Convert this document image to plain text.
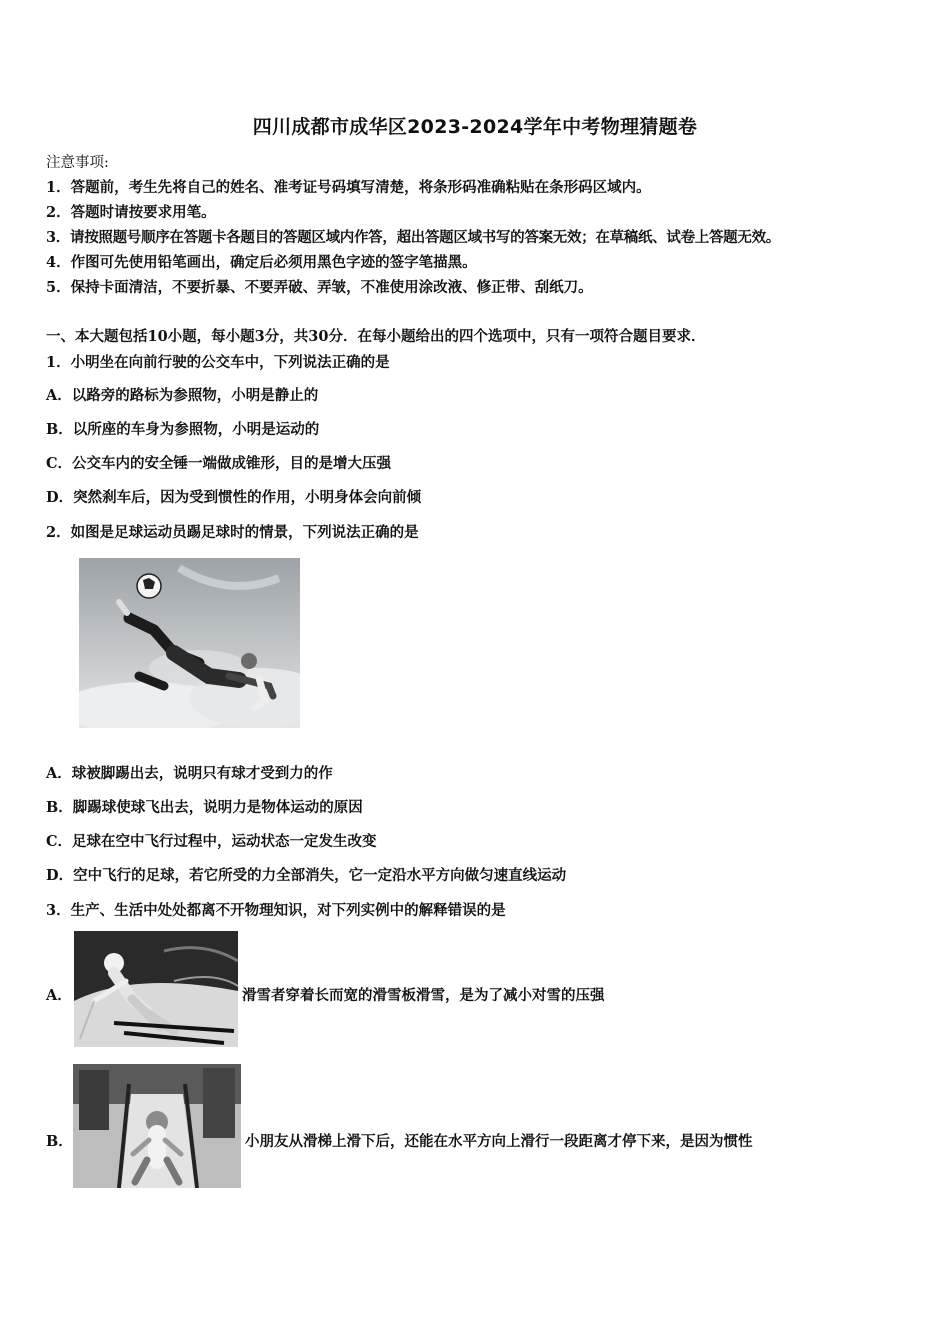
四川成都市成华区2023-2024学年中考物理猜题卷
注意事项:
1．答题前，考生先将自己的姓名、准考证号码填写清楚，将条形码准确粘贴在条形码区域内。
2．答题时请按要求用笔。
3．请按照题号顺序在答题卡各题目的答题区域内作答，超出答题区域书写的答案无效；在草稿纸、试卷上答题无效。
4．作图可先使用铅笔画出，确定后必须用黑色字迹的签字笔描黑。
5．保持卡面清洁，不要折暴、不要弄破、弄皱，不准使用涂改液、修正带、刮纸刀。
一、本大题包括10小题，每小题3分，共30分．在每小题给出的四个选项中，只有一项符合题目要求．
1．小明坐在向前行驶的公交车中，下列说法正确的是
A．以路旁的路标为参照物，小明是静止的
B．以所座的车身为参照物，小明是运动的
C．公交车内的安全锤一端做成锥形，目的是增大压强
D．突然刹车后，因为受到惯性的作用，小明身体会向前倾
2．如图是足球运动员踢足球时的情景，下列说法正确的是
A．球被脚踢出去，说明只有球才受到力的作
B．脚踢球使球飞出去，说明力是物体运动的原因
C．足球在空中飞行过程中，运动状态一定发生改变
D．空中飞行的足球，若它所受的力全部消失，它一定沿水平方向做匀速直线运动
3．生产、生活中处处都离不开物理知识，对下列实例中的解释错误的是
A．	滑雪者穿着长而宽的滑雪板滑雪，是为了减小对雪的压强
B．	小朋友从滑梯上滑下后，还能在水平方向上滑行一段距离才停下来，是因为惯性
